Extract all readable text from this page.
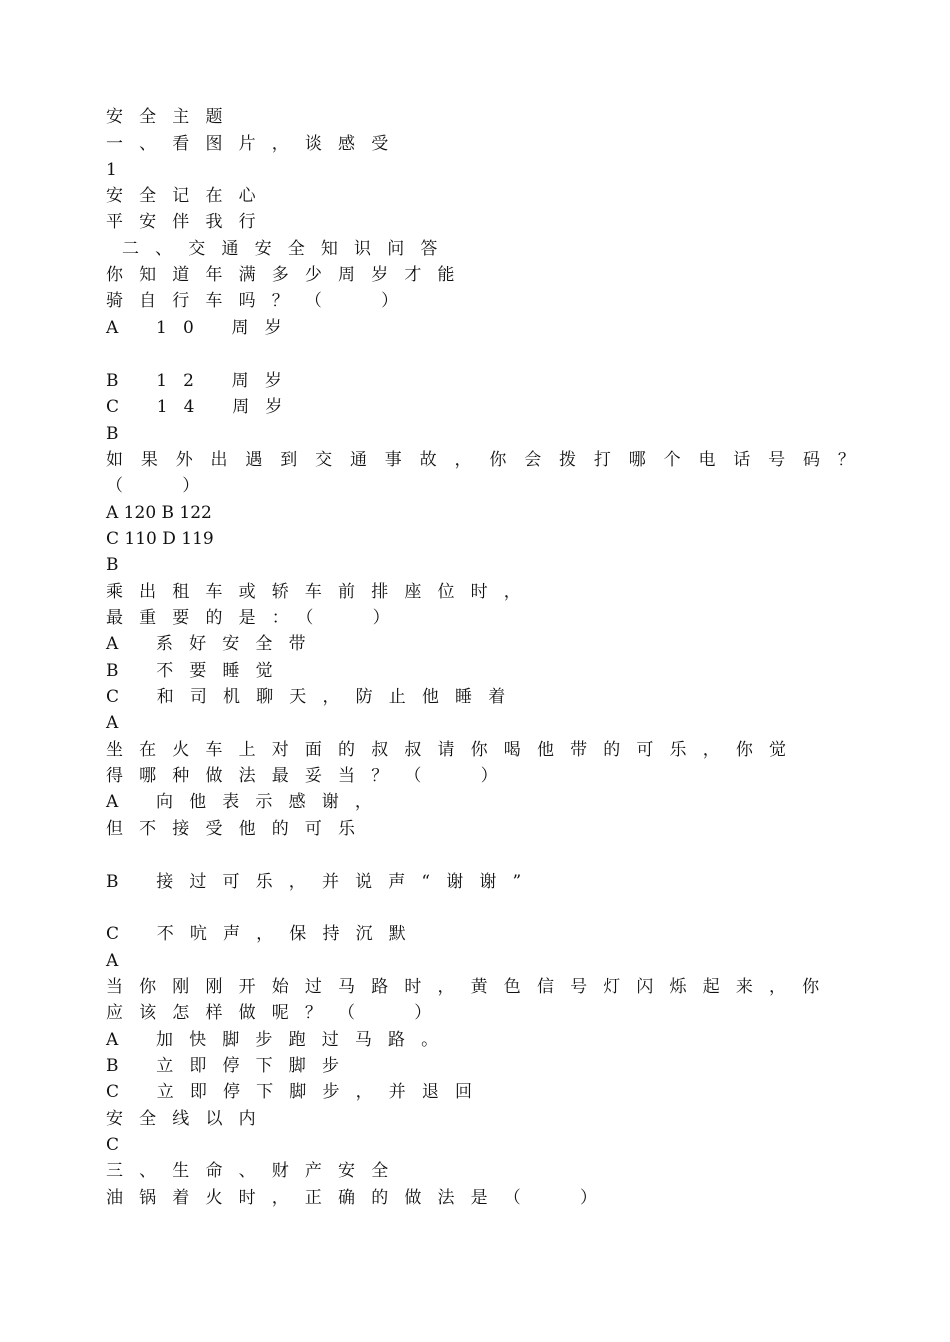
安全主题

一、看图片，谈感受

1

安全记在心

平安伴我行

二、交通安全知识问答

你知道年满多少周岁才能

骑自行车吗？（  ）

A 10 周岁

B 12 周岁

C 14 周岁

B

如果外出遇到交通事故，你会拨打哪个电话号码？

（  ）

A 120 B 122

C 110 D 119

B

乘出租车或轿车前排座位时，

最重要的是：（  ）

A 系好安全带

B 不要睡觉

C 和司机聊天，防止他睡着

A

坐在火车上对面的叔叔请你喝他带的可乐，你觉

得哪种做法最妥当？（  ）

A 向他表示感谢，

但不接受他的可乐

B 接过可乐，并说声“谢谢”

C 不吭声，保持沉默

A

当你刚刚开始过马路时，黄色信号灯闪烁起来，你

应该怎样做呢？（  ）

A 加快脚步跑过马路。

B 立即停下脚步

C 立即停下脚步，并退回

安全线以内

C

三、生命、财产安全

油锅着火时，正确的做法是（  ）
